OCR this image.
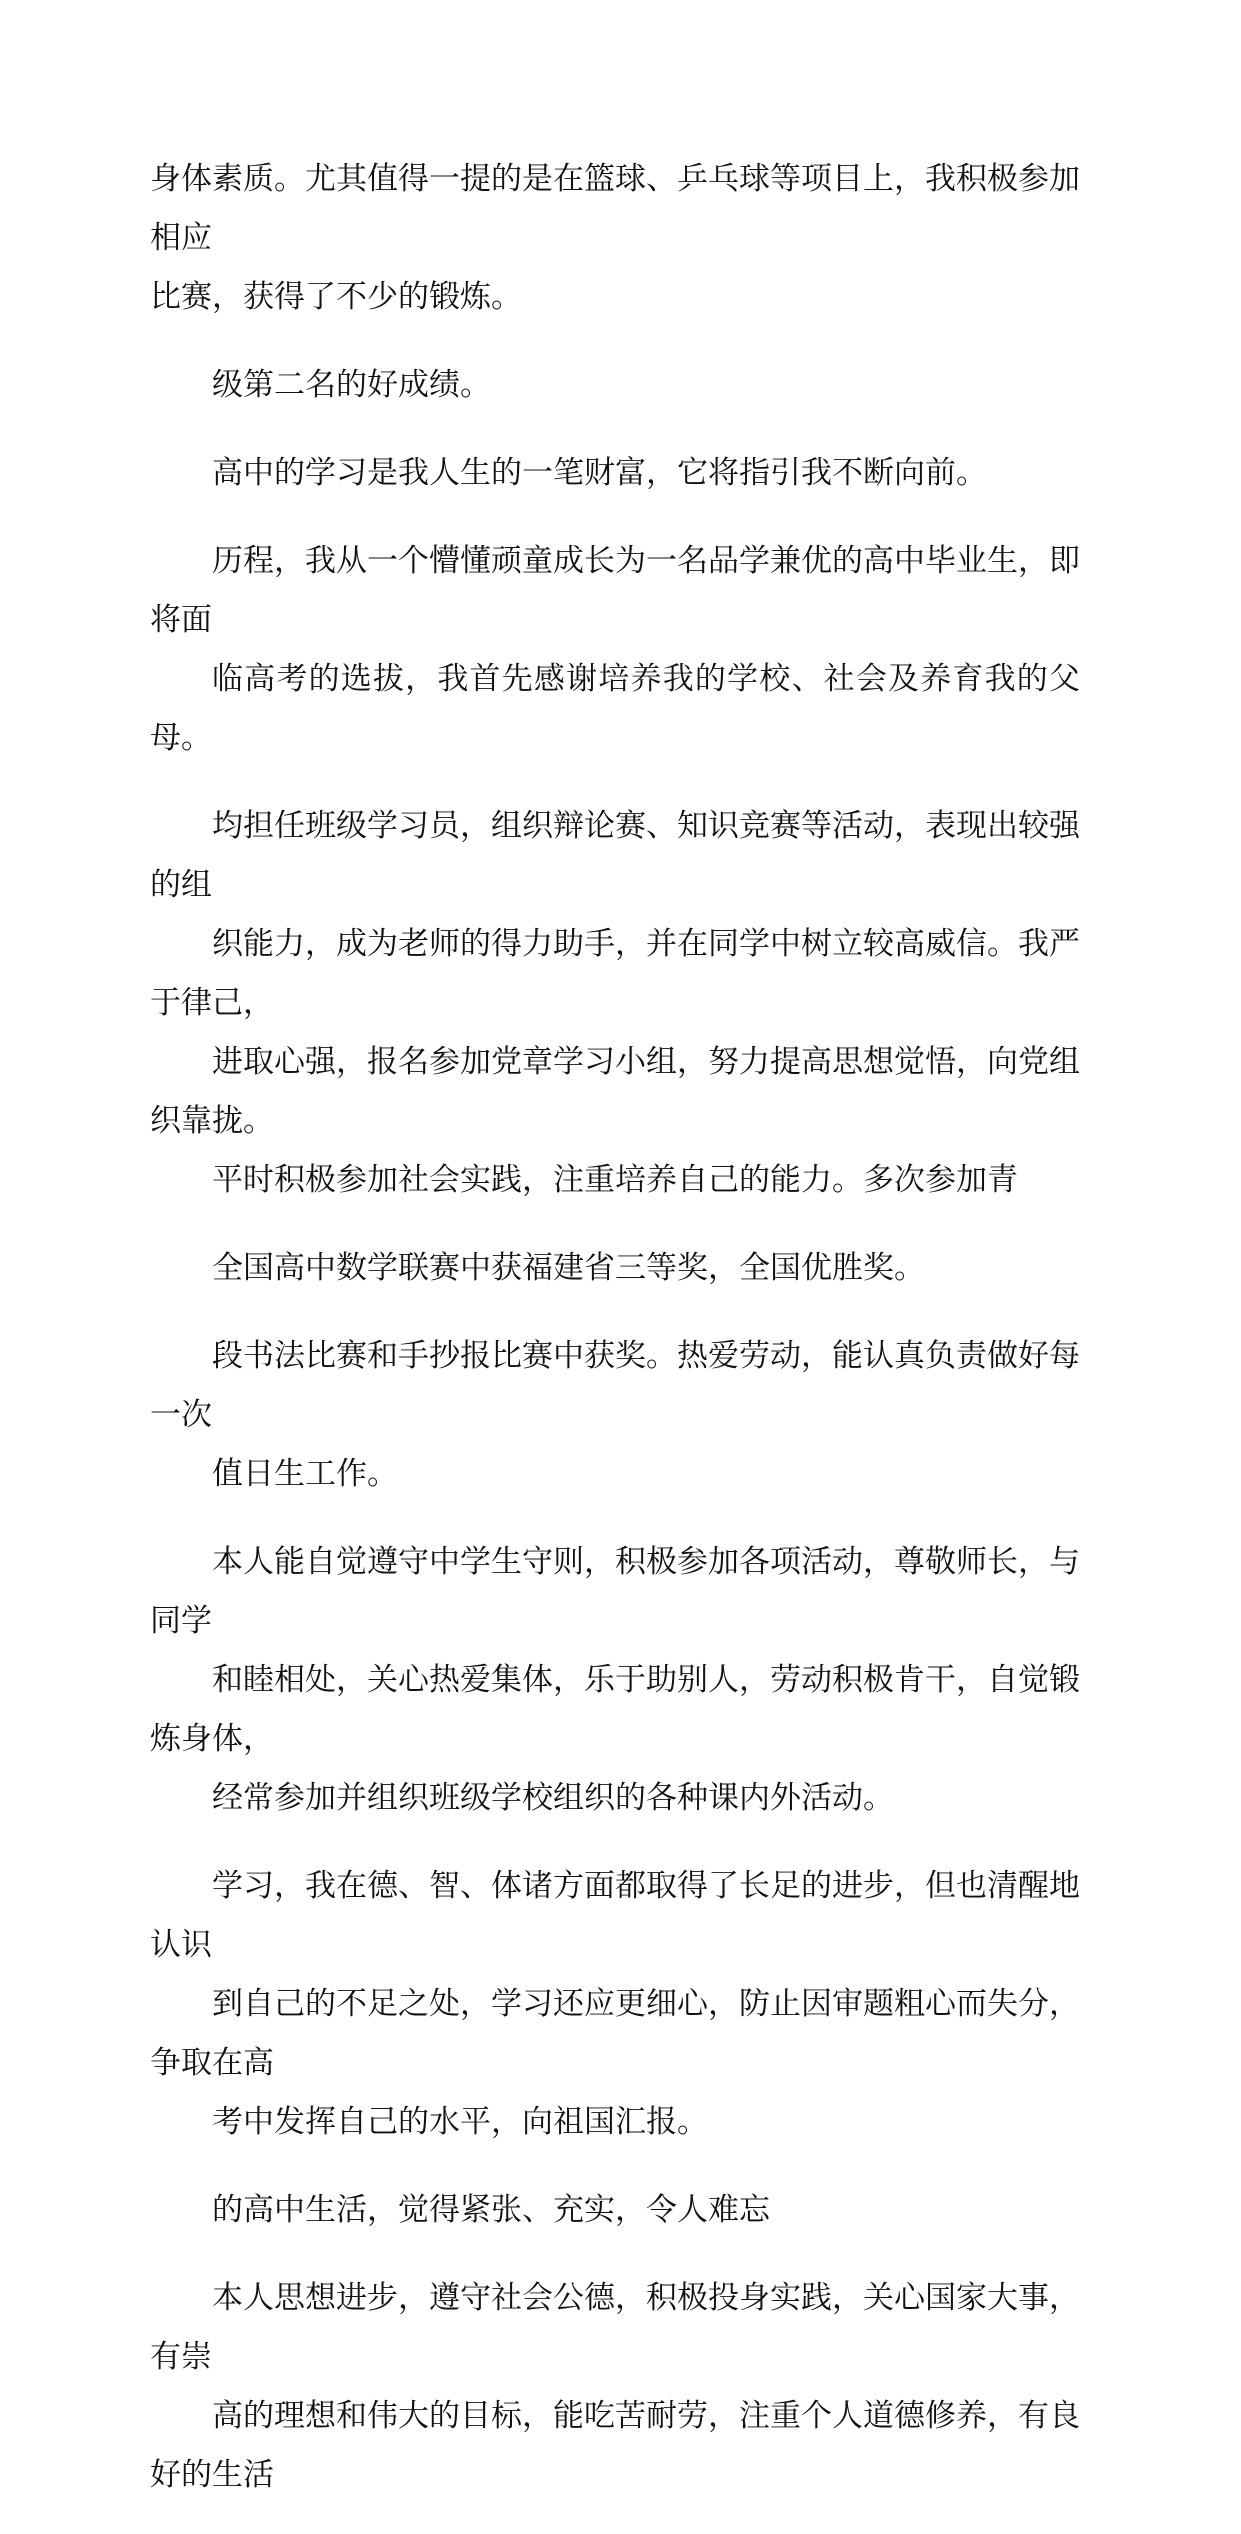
身体素质。尤其值得一提的是在篮球、乒乓球等项目上，我积极参加相应
比赛，获得了不少的锻炼。

级第二名的好成绩。

高中的学习是我人生的一笔财富，它将指引我不断向前。

历程，我从一个懵懂顽童成长为一名品学兼优的高中毕业生，即将面
临高考的选拔，我首先感谢培养我的学校、社会及养育我的父母。

均担任班级学习员，组织辩论赛、知识竞赛等活动，表现出较强的组
织能力，成为老师的得力助手，并在同学中树立较高威信。我严于律己，
进取心强，报名参加党章学习小组，努力提高思想觉悟，向党组织靠拢。
平时积极参加社会实践，注重培养自己的能力。多次参加青

全国高中数学联赛中获福建省三等奖，全国优胜奖。

段书法比赛和手抄报比赛中获奖。热爱劳动，能认真负责做好每一次
值日生工作。

本人能自觉遵守中学生守则，积极参加各项活动，尊敬师长，与同学
和睦相处，关心热爱集体，乐于助别人，劳动积极肯干，自觉锻炼身体，
经常参加并组织班级学校组织的各种课内外活动。

学习，我在德、智、体诸方面都取得了长足的进步，但也清醒地认识
到自己的不足之处，学习还应更细心，防止因审题粗心而失分，争取在高
考中发挥自己的水平，向祖国汇报。

的高中生活，觉得紧张、充实，令人难忘

本人思想进步，遵守社会公德，积极投身实践，关心国家大事，有崇
高的理想和伟大的目标，能吃苦耐劳，注重个人道德修养，有良好的生活
